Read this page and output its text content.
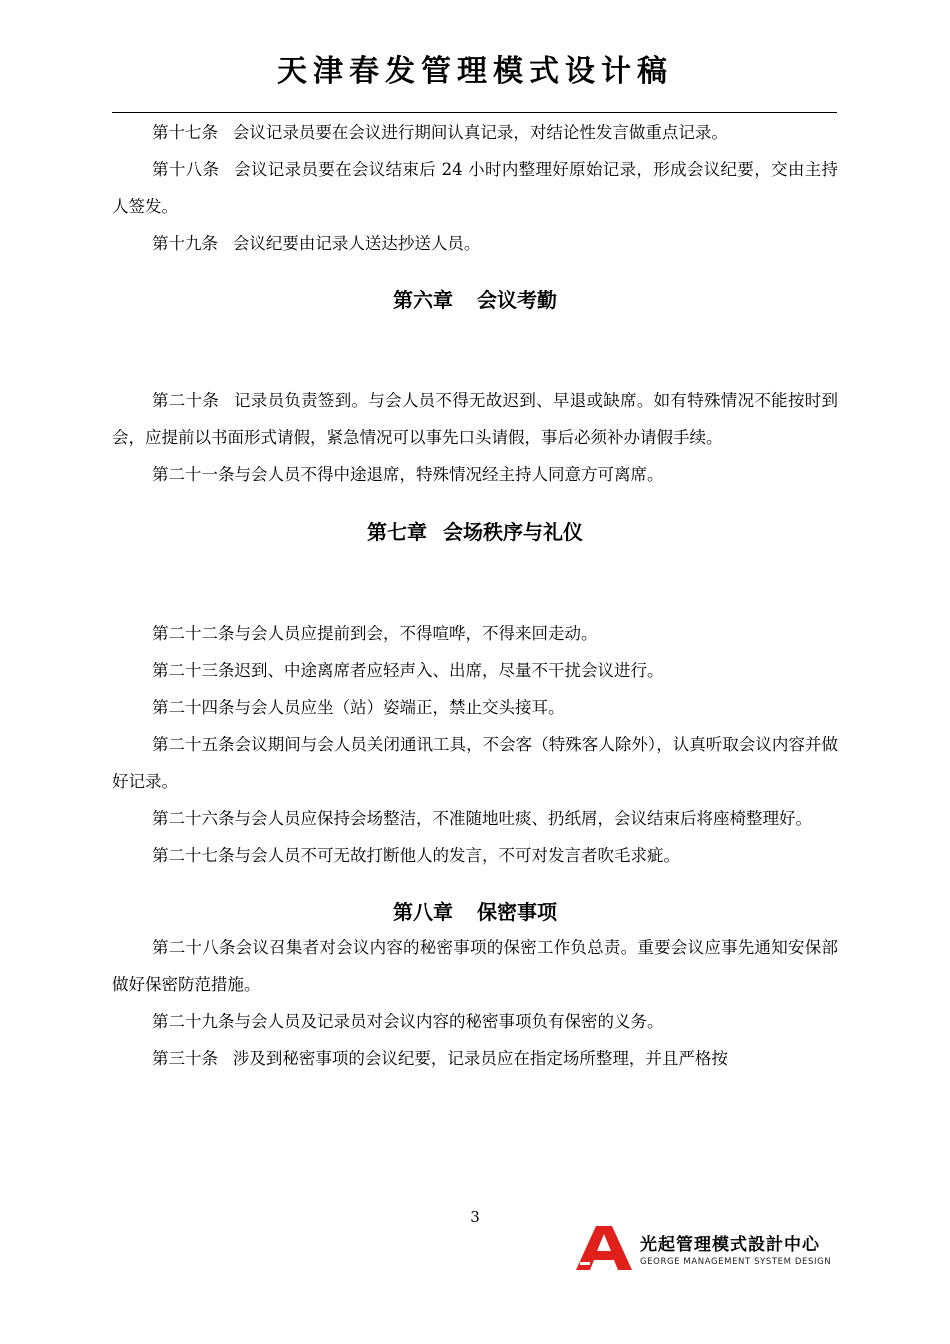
天津春发管理模式设计稿

第十七条 会议记录员要在会议进行期间认真记录，对结论性发言做重点记录。

第十八条 会议记录员要在会议结束后 24 小时内整理好原始记录，形成会议纪要，交由主持人签发。

第十九条 会议纪要由记录人送达抄送人员。

第六章 会议考勤

第二十条 记录员负责签到。与会人员不得无故迟到、早退或缺席。如有特殊情况不能按时到会，应提前以书面形式请假，紧急情况可以事先口头请假，事后必须补办请假手续。

第二十一条与会人员不得中途退席，特殊情况经主持人同意方可离席。

第七章 会场秩序与礼仪

第二十二条与会人员应提前到会，不得喧哗，不得来回走动。

第二十三条迟到、中途离席者应轻声入、出席，尽量不干扰会议进行。

第二十四条与会人员应坐（站）姿端正，禁止交头接耳。

第二十五条会议期间与会人员关闭通讯工具，不会客（特殊客人除外），认真听取会议内容并做好记录。

第二十六条与会人员应保持会场整洁，不准随地吐痰、扔纸屑，会议结束后将座椅整理好。

第二十七条与会人员不可无故打断他人的发言，不可对发言者吹毛求疵。

第八章 保密事项

第二十八条会议召集者对会议内容的秘密事项的保密工作负总责。重要会议应事先通知安保部做好保密防范措施。

第二十九条与会人员及记录员对会议内容的秘密事项负有保密的义务。

第三十条 涉及到秘密事项的会议纪要，记录员应在指定场所整理，并且严格按

3
光起管理模式設計中心
GEORGE MANAGEMENT SYSTEM DESIGN
